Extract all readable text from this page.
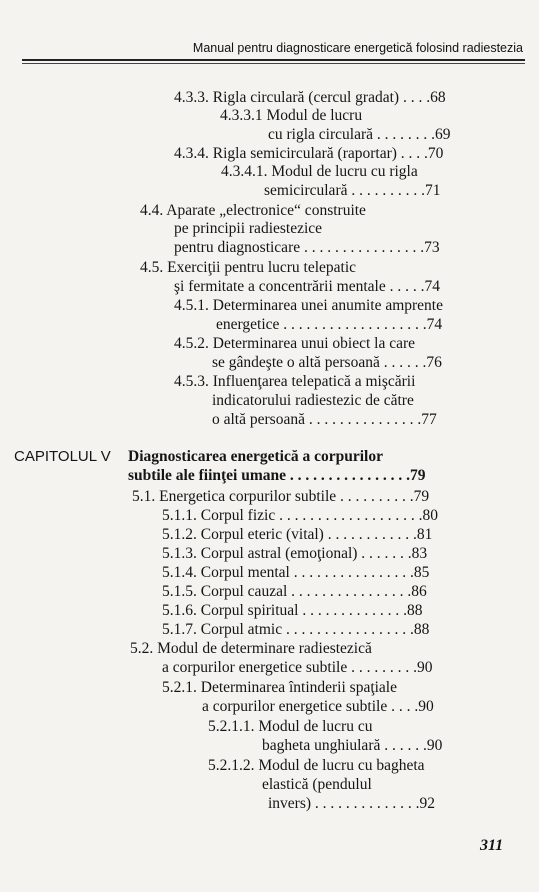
Manual pentru diagnosticare energetică folosind radiestezia
4.3.3. Rigla circulară (cercul gradat) . . . .68
4.3.3.1 Modul de lucru
cu rigla circulară . . . . . . . .69
4.3.4. Rigla semicirculară (raportar) . . . .70
4.3.4.1. Modul de lucru cu rigla
semicirculară . . . . . . . . . .71
4.4. Aparate „electronice“ construite
pe principii radiestezice
pentru diagnosticare . . . . . . . . . . . . . . . .73
4.5. Exerciţii pentru lucru telepatic
şi fermitate a concentrării mentale . . . . .74
4.5.1. Determinarea unei anumite amprente
energetice . . . . . . . . . . . . . . . . . . .74
4.5.2. Determinarea unui obiect la care
se gândeşte o altă persoană . . . . . .76
4.5.3. Influenţarea telepatică a mişcării
indicatorului radiestezic de către
o altă persoană . . . . . . . . . . . . . . .77
CAPITOLUL V Diagnosticarea energetică a corpurilor
subtile ale fiinţei umane . . . . . . . . . . . . . . . .79
5.1. Energetica corpurilor subtile . . . . . . . . . .79
5.1.1. Corpul fizic . . . . . . . . . . . . . . . . . . .80
5.1.2. Corpul eteric (vital) . . . . . . . . . . . .81
5.1.3. Corpul astral (emoţional) . . . . . . .83
5.1.4. Corpul mental . . . . . . . . . . . . . . . .85
5.1.5. Corpul cauzal . . . . . . . . . . . . . . . .86
5.1.6. Corpul spiritual . . . . . . . . . . . . . .88
5.1.7. Corpul atmic . . . . . . . . . . . . . . . . .88
5.2. Modul de determinare radiestezică
a corpurilor energetice subtile . . . . . . . . .90
5.2.1. Determinarea întinderii spaţiale
a corpurilor energetice subtile . . . .90
5.2.1.1. Modul de lucru cu
bagheta unghiulară . . . . . .90
5.2.1.2. Modul de lucru cu bagheta
elastică (pendulul
invers) . . . . . . . . . . . . . .92
311
